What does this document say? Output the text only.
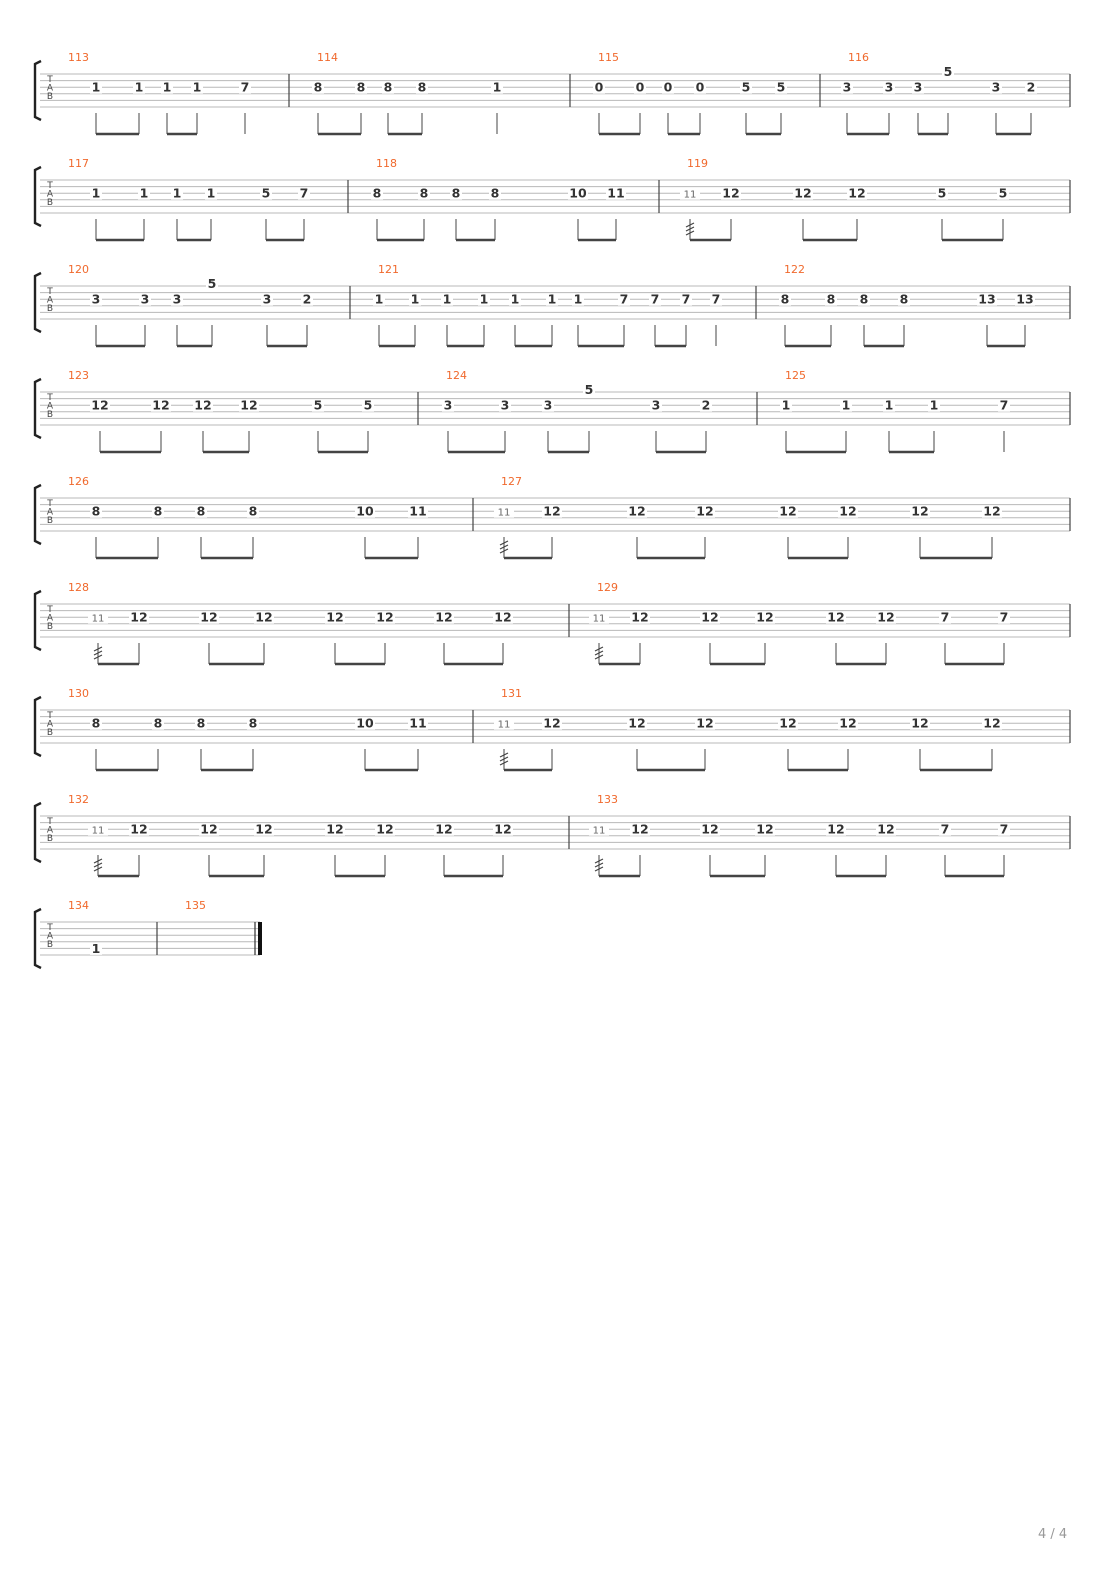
T
A
B
113
1	1 1 1	7
114
8	8 8 8	1
115
0	0 0 0	5 5
116
3	3 3
5
3 2
T
A
B
117
1	1 1 1	5 7
118
8	8 8 8	10 11
119
11 12	12	12	5	5
T
A
B
120
3	3 3
5
3	2
121
1 1 1 1 1 1 1	7 7 7 7
122
8	8 8	8	13 13
T
A
B
123
12	12 12 12	5	5
124
3	3	3
5
3	2
125
1	1	1	1	7
T
A
B
126
8	8	8	8	10	11
127
11	12	12	12	12	12	12	12
T
A
B
128
11 12	12	12	12	12	12	12
129
11 12	12	12	12	12	7	7
T
A
B
130
8	8	8	8	10	11
131
11	12	12	12	12	12	12	12
T
A
B
132
11 12	12	12	12	12	12	12
133
11 12	12	12	12	12	7	7
T
A
B
134
1
135
4 / 4
